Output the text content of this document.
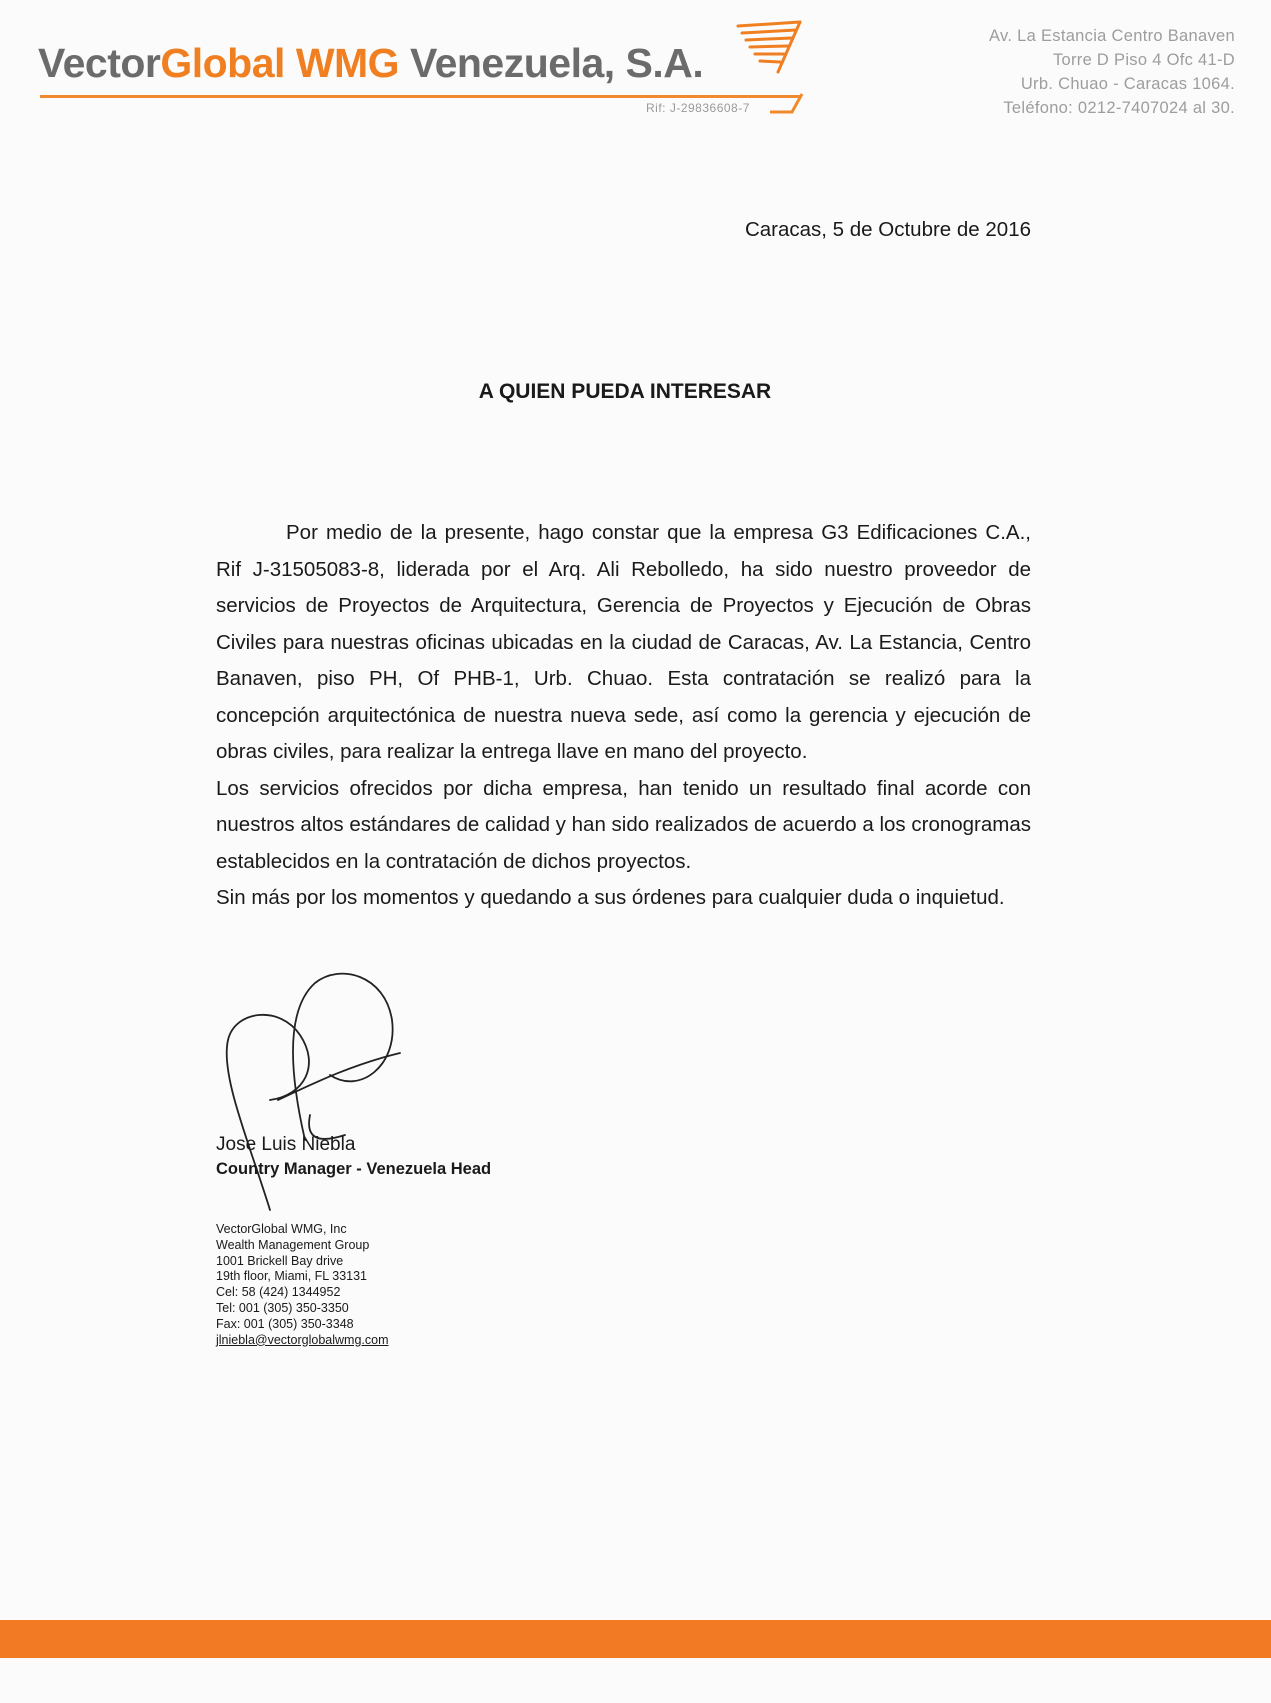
VectorGlobal WMG Venezuela, S.A.
Rif: J-29836608-7
Av. La Estancia Centro Banaven
Torre D Piso 4 Ofc 41-D
Urb. Chuao - Caracas 1064.
Teléfono: 0212-7407024 al 30.
Caracas, 5 de Octubre de 2016
A QUIEN PUEDA INTERESAR

Por medio de la presente, hago constar que la empresa G3 Edificaciones C.A., Rif J-31505083-8, liderada por el Arq. Ali Rebolledo, ha sido nuestro proveedor de servicios de Proyectos de Arquitectura, Gerencia de Proyectos y Ejecución de Obras Civiles para nuestras oficinas ubicadas en la ciudad de Caracas, Av. La Estancia, Centro Banaven, piso PH, Of PHB-1, Urb. Chuao. Esta contratación se realizó para la concepción arquitectónica de nuestra nueva sede, así como la gerencia y ejecución de obras civiles, para realizar la entrega llave en mano del proyecto.

Los servicios ofrecidos por dicha empresa, han tenido un resultado final acorde con nuestros altos estándares de calidad y han sido realizados de acuerdo a los cronogramas establecidos en la contratación de dichos proyectos.

Sin más por los momentos y quedando a sus órdenes para cualquier duda o inquietud.

Jose Luis Niebla
Country Manager - Venezuela Head
VectorGlobal WMG, Inc
Wealth Management Group
1001 Brickell Bay drive
19th floor, Miami, FL 33131
Cel: 58 (424) 1344952
Tel: 001 (305) 350-3350
Fax: 001 (305) 350-3348
jlniebla@vectorglobalwmg.com
